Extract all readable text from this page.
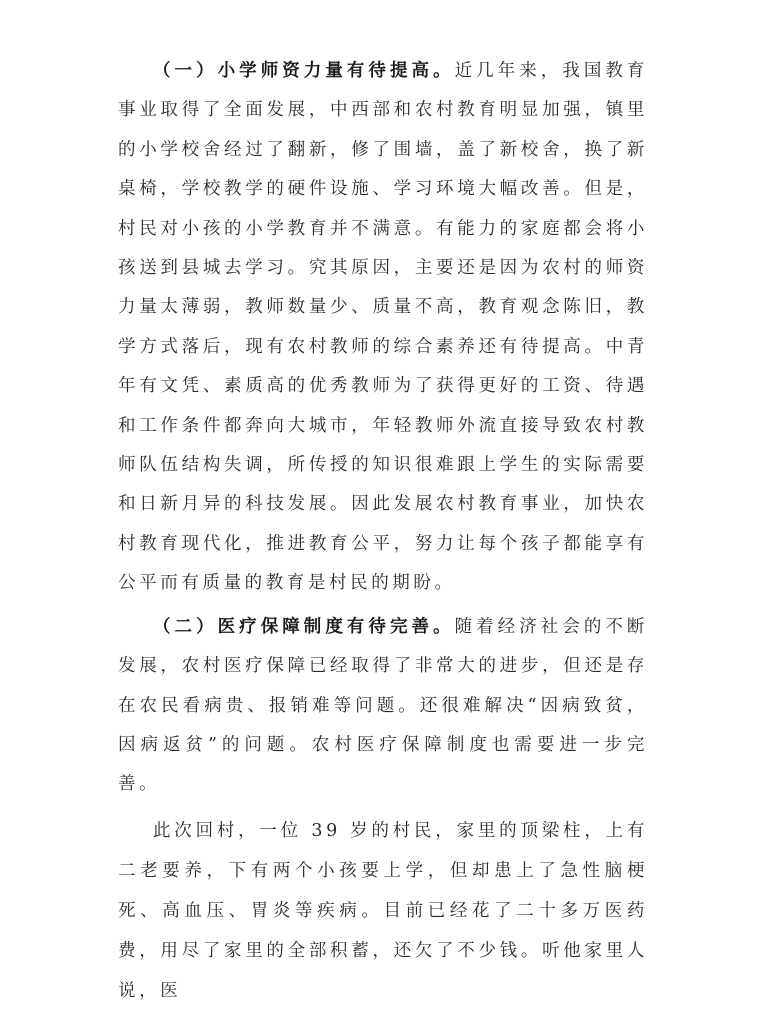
（一）小学师资力量有待提高。近几年来，我国教育事业取得了全面发展，中西部和农村教育明显加强，镇里的小学校舍经过了翻新，修了围墙，盖了新校舍，换了新桌椅，学校教学的硬件设施、学习环境大幅改善。但是，村民对小孩的小学教育并不满意。有能力的家庭都会将小孩送到县城去学习。究其原因，主要还是因为农村的师资力量太薄弱，教师数量少、质量不高，教育观念陈旧，教学方式落后，现有农村教师的综合素养还有待提高。中青年有文凭、素质高的优秀教师为了获得更好的工资、待遇和工作条件都奔向大城市，年轻教师外流直接导致农村教师队伍结构失调，所传授的知识很难跟上学生的实际需要和日新月异的科技发展。因此发展农村教育事业，加快农村教育现代化，推进教育公平，努力让每个孩子都能享有公平而有质量的教育是村民的期盼。

（二）医疗保障制度有待完善。随着经济社会的不断发展，农村医疗保障已经取得了非常大的进步，但还是存在农民看病贵、报销难等问题。还很难解决“因病致贫，因病返贫”的问题。农村医疗保障制度也需要进一步完善。

此次回村，一位 39 岁的村民，家里的顶梁柱，上有二老要养，下有两个小孩要上学，但却患上了急性脑梗死、高血压、胃炎等疾病。目前已经花了二十多万医药费，用尽了家里的全部积蓄，还欠了不少钱。听他家里人说，医
